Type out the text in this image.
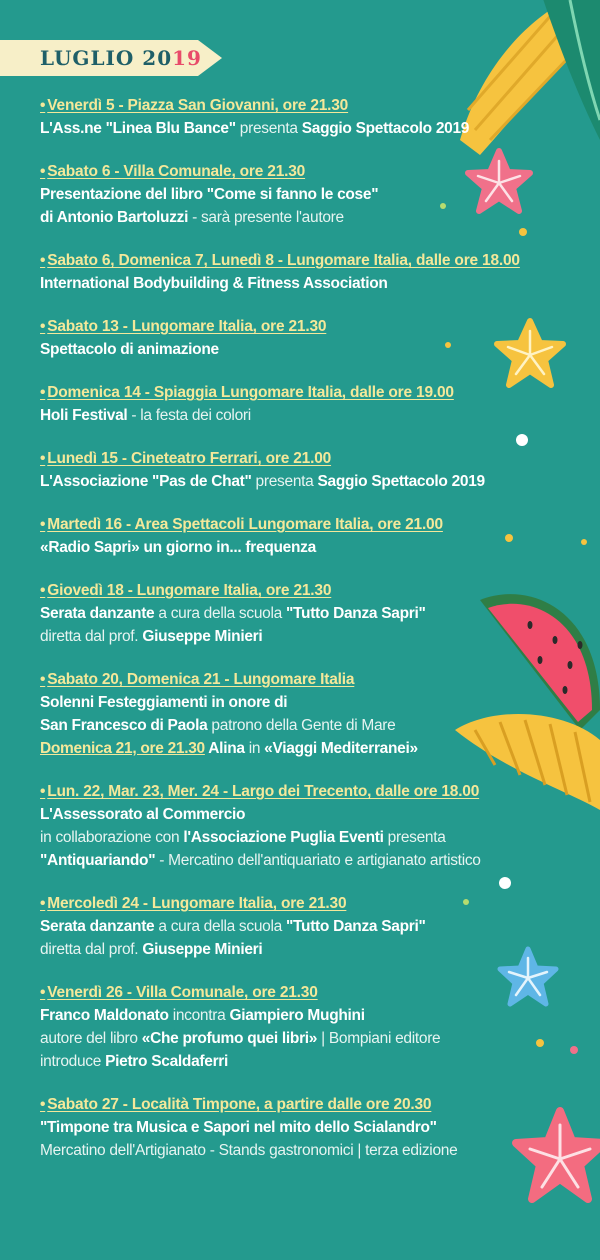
LUGLIO 2019
• Venerdì 5 - Piazza San Giovanni, ore 21.30
L'Ass.ne "Linea Blu Bance" presenta Saggio Spettacolo 2019
• Sabato 6 - Villa Comunale, ore 21.30
Presentazione del libro "Come si fanno le cose"
di Antonio Bartoluzzi - sarà presente l'autore
• Sabato 6, Domenica 7, Lunedì 8 - Lungomare Italia, dalle ore 18.00
International Bodybuilding & Fitness Association
• Sabato 13 - Lungomare Italia, ore 21.30
Spettacolo di animazione
• Domenica 14 - Spiaggia Lungomare Italia, dalle ore 19.00
Holi Festival - la festa dei colori
• Lunedì 15 - Cineteatro Ferrari, ore 21.00
L'Associazione "Pas de Chat" presenta Saggio Spettacolo 2019
• Martedì 16 - Area Spettacoli Lungomare Italia, ore 21.00
«Radio Sapri» un giorno in... frequenza
• Giovedì 18 - Lungomare Italia, ore 21.30
Serata danzante a cura della scuola "Tutto Danza Sapri"
diretta dal prof. Giuseppe Minieri
• Sabato 20, Domenica 21 - Lungomare Italia
Solenni Festeggiamenti in onore di
San Francesco di Paola patrono della Gente di Mare
Domenica 21, ore 21.30 Alina in «Viaggi Mediterranei»
• Lun. 22, Mar. 23, Mer. 24 - Largo dei Trecento, dalle ore 18.00
L'Assessorato al Commercio
in collaborazione con l'Associazione Puglia Eventi presenta
"Antiquariando" - Mercatino dell'antiquariato e artigianato artistico
• Mercoledì 24 - Lungomare Italia, ore 21.30
Serata danzante a cura della scuola "Tutto Danza Sapri"
diretta dal prof. Giuseppe Minieri
• Venerdì 26 - Villa Comunale, ore 21.30
Franco Maldonato incontra Giampiero Mughini
autore del libro «Che profumo quei libri» | Bompiani editore
introduce Pietro Scaldaferri
• Sabato 27 - Località Timpone, a partire dalle ore 20.30
"Timpone tra Musica e Sapori nel mito dello Scialandro"
Mercatino dell'Artigianato - Stands gastronomici | terza edizione
